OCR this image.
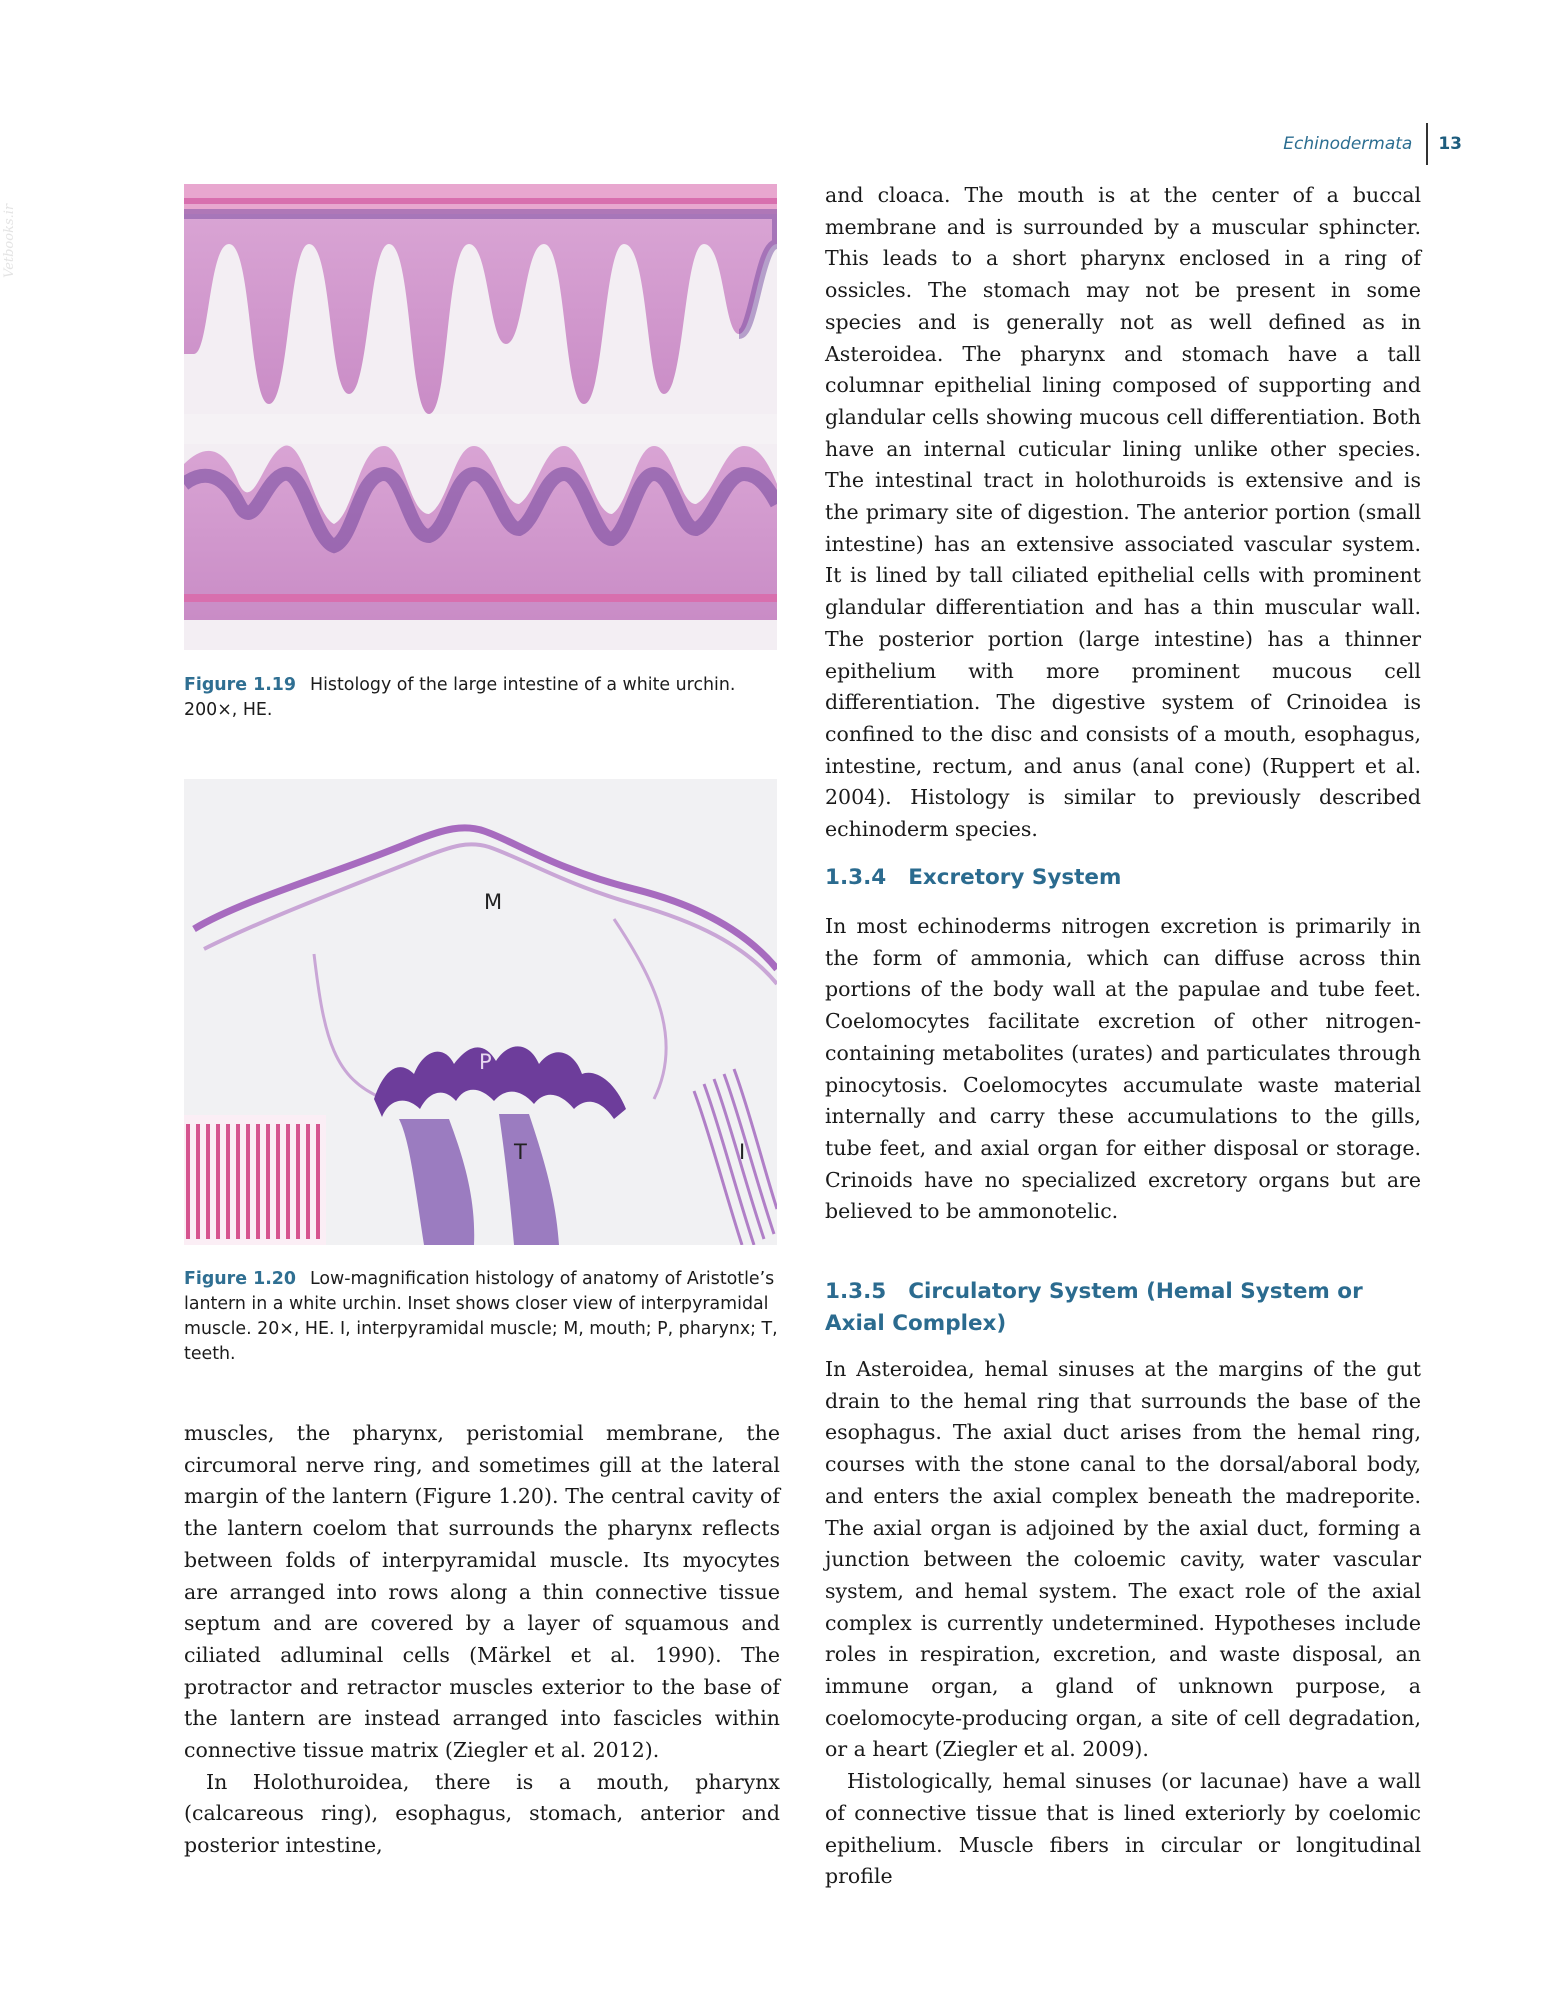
Echinodermata	13
Vetbooks.ir
Figure 1.19 Histology of the large intestine of a white urchin. 200×, HE.
M
P
T	I
Figure 1.20 Low-magnification histology of anatomy of Aristotle’s lantern in a white urchin. Inset shows closer view of interpyramidal muscle. 20×, HE. I, interpyramidal muscle; M, mouth; P, pharynx; T, teeth.

and cloaca. The mouth is at the center of a buccal membrane and is surrounded by a muscular sphincter. This leads to a short pharynx enclosed in a ring of ossicles. The stomach may not be present in some species and is generally not as well defined as in Asteroidea. The pharynx and stomach have a tall columnar epithelial lining composed of supporting and glandular cells showing mucous cell differentiation. Both have an internal cuticular lining unlike other species. The intestinal tract in holothuroids is extensive and is the primary site of digestion. The anterior portion (small intestine) has an extensive associated vascular system. It is lined by tall ciliated epithelial cells with prominent glandular differentiation and has a thin muscular wall. The posterior portion (large intestine) has a thinner epithelium with more prominent mucous cell differentiation. The digestive system of Crinoidea is confined to the disc and consists of a mouth, esophagus, intestine, rectum, and anus (anal cone) (Ruppert et al. 2004). Histology is similar to previously described echinoderm species.

1.3.4 Excretory System

In most echinoderms nitrogen excretion is primarily in the form of ammonia, which can diffuse across thin portions of the body wall at the papulae and tube feet. Coelomocytes facilitate excretion of other nitrogen-containing metabolites (urates) and particulates through pinocytosis. Coelomocytes accumulate waste material internally and carry these accumulations to the gills, tube feet, and axial organ for either disposal or storage. Crinoids have no specialized excretory organs but are believed to be ammonotelic.

1.3.5 Circulatory System (Hemal System or
Axial Complex)

In Asteroidea, hemal sinuses at the margins of the gut drain to the hemal ring that surrounds the base of the esophagus. The axial duct arises from the hemal ring, courses with the stone canal to the dorsal/aboral body, and enters the axial complex beneath the madreporite. The axial organ is adjoined by the axial duct, forming a junction between the coloemic cavity, water vascular system, and hemal system. The exact role of the axial complex is currently undetermined. Hypotheses include roles in respiration, excretion, and waste disposal, an immune organ, a gland of unknown purpose, a coelomocyte-producing organ, a site of cell degradation, or a heart (Ziegler et al. 2009).

Histologically, hemal sinuses (or lacunae) have a wall of connective tissue that is lined exteriorly by coelomic epithelium. Muscle fibers in circular or longitudinal profile

muscles, the pharynx, peristomial membrane, the circumoral nerve ring, and sometimes gill at the lateral margin of the lantern (Figure 1.20). The central cavity of the lantern coelom that surrounds the pharynx reflects between folds of interpyramidal muscle. Its myocytes are arranged into rows along a thin connective tissue septum and are covered by a layer of squamous and ciliated adluminal cells (Märkel et al. 1990). The protractor and retractor muscles exterior to the base of the lantern are instead arranged into fascicles within connective tissue matrix (Ziegler et al. 2012).

In Holothuroidea, there is a mouth, pharynx (calcareous ring), esophagus, stomach, anterior and posterior intestine,
